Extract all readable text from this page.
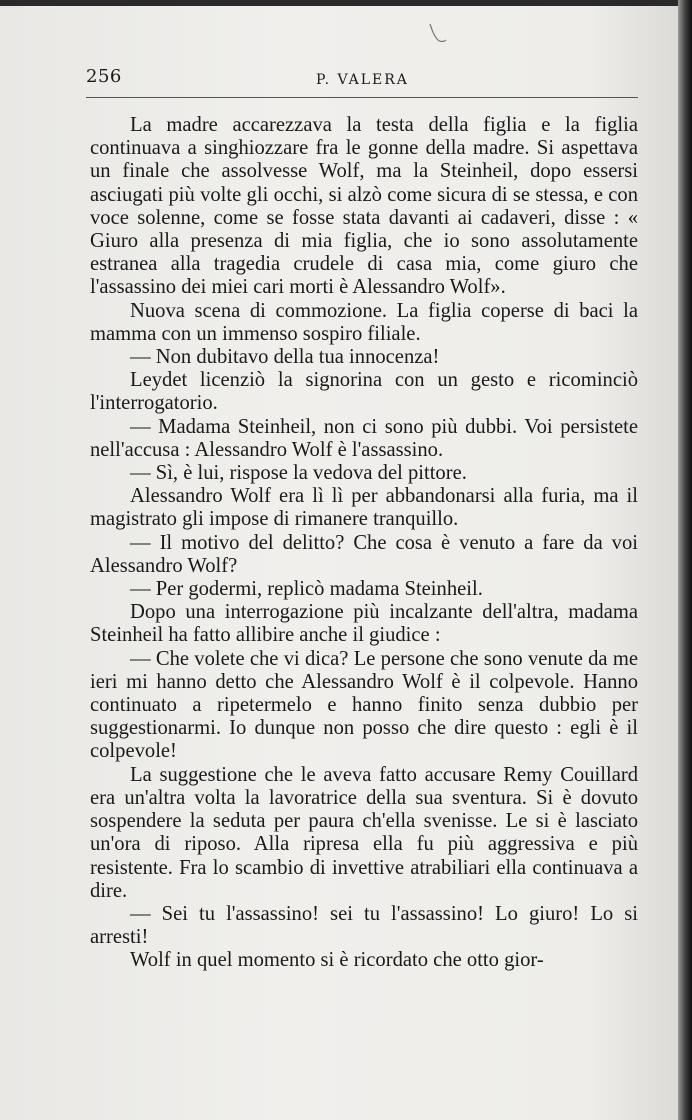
256	P. VALERA

La madre accarezzava la testa della figlia e la figlia continuava a singhiozzare fra le gonne della madre. Si aspettava un finale che assolvesse Wolf, ma la Steinheil, dopo essersi asciugati più volte gli occhi, si alzò come sicura di se stessa, e con voce solenne, come se fosse stata davanti ai cadaveri, disse : « Giuro alla presenza di mia figlia, che io sono assolutamente estranea alla tragedia crudele di casa mia, come giuro che l'assassino dei miei cari morti è Alessandro Wolf».

Nuova scena di commozione. La figlia coperse di baci la mamma con un immenso sospiro filiale.

— Non dubitavo della tua innocenza!

Leydet licenziò la signorina con un gesto e ricominciò l'interrogatorio.

— Madama Steinheil, non ci sono più dubbi. Voi persistete nell'accusa : Alessandro Wolf è l'assassino.

— Sì, è lui, rispose la vedova del pittore.

Alessandro Wolf era lì lì per abbandonarsi alla furia, ma il magistrato gli impose di rimanere tranquillo.

— Il motivo del delitto? Che cosa è venuto a fare da voi Alessandro Wolf?

— Per godermi, replicò madama Steinheil.

Dopo una interrogazione più incalzante dell'altra, madama Steinheil ha fatto allibire anche il giudice :

— Che volete che vi dica? Le persone che sono venute da me ieri mi hanno detto che Alessandro Wolf è il colpevole. Hanno continuato a ripetermelo e hanno finito senza dubbio per suggestionarmi. Io dunque non posso che dire questo : egli è il colpevole!

La suggestione che le aveva fatto accusare Remy Couillard era un'altra volta la lavoratrice della sua sventura. Si è dovuto sospendere la seduta per paura ch'ella svenisse. Le si è lasciato un'ora di riposo. Alla ripresa ella fu più aggressiva e più resistente. Fra lo scambio di invettive atrabiliari ella continuava a dire.

— Sei tu l'assassino! sei tu l'assassino! Lo giuro! Lo si arresti!

Wolf in quel momento si è ricordato che otto gior-
